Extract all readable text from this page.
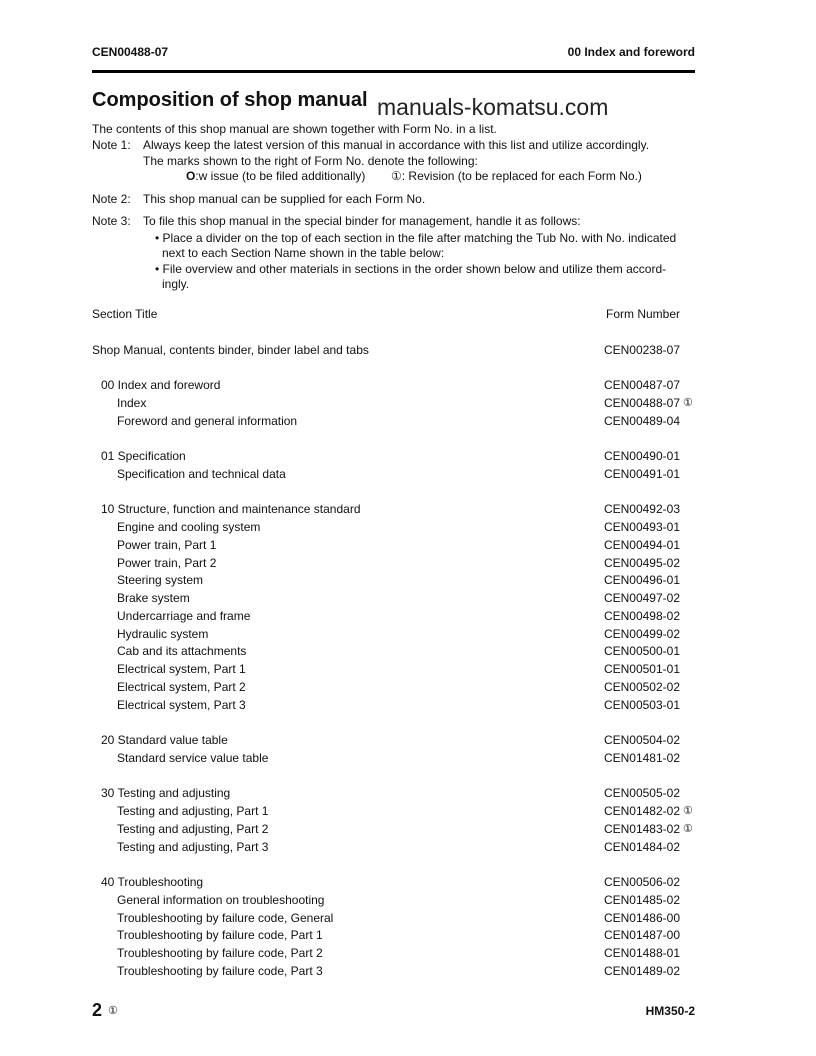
CEN00488-07	00 Index and foreword
Composition of shop manual manuals-komatsu.com
The contents of this shop manual are shown together with Form No. in a list.
Note 1: Always keep the latest version of this manual in accordance with this list and utilize accordingly.
The marks shown to the right of Form No. denote the following:
O:w issue (to be filed additionally) ①: Revision (to be replaced for each Form No.)
Note 2: This shop manual can be supplied for each Form No.
Note 3: To file this shop manual in the special binder for management, handle it as follows:
• Place a divider on the top of each section in the file after matching the Tub No. with No. indicated
next to each Section Name shown in the table below:
• File overview and other materials in sections in the order shown below and utilize them accord-
ingly.
Section Title	Form Number
Shop Manual, contents binder, binder label and tabs	CEN00238-07
00 Index and foreword	CEN00487-07
Index	CEN00488-07 ①
Foreword and general information	CEN00489-04
01 Specification	CEN00490-01
Specification and technical data	CEN00491-01
10 Structure, function and maintenance standard	CEN00492-03
Engine and cooling system	CEN00493-01
Power train, Part 1	CEN00494-01
Power train, Part 2	CEN00495-02
Steering system	CEN00496-01
Brake system	CEN00497-02
Undercarriage and frame	CEN00498-02
Hydraulic system	CEN00499-02
Cab and its attachments	CEN00500-01
Electrical system, Part 1	CEN00501-01
Electrical system, Part 2	CEN00502-02
Electrical system, Part 3	CEN00503-01
20 Standard value table	CEN00504-02
Standard service value table	CEN01481-02
30 Testing and adjusting	CEN00505-02
Testing and adjusting, Part 1	CEN01482-02 ①
Testing and adjusting, Part 2	CEN01483-02 ①
Testing and adjusting, Part 3	CEN01484-02
40 Troubleshooting	CEN00506-02
General information on troubleshooting	CEN01485-02
Troubleshooting by failure code, General	CEN01486-00
Troubleshooting by failure code, Part 1	CEN01487-00
Troubleshooting by failure code, Part 2	CEN01488-01
Troubleshooting by failure code, Part 3	CEN01489-02
2 ①	HM350-2
